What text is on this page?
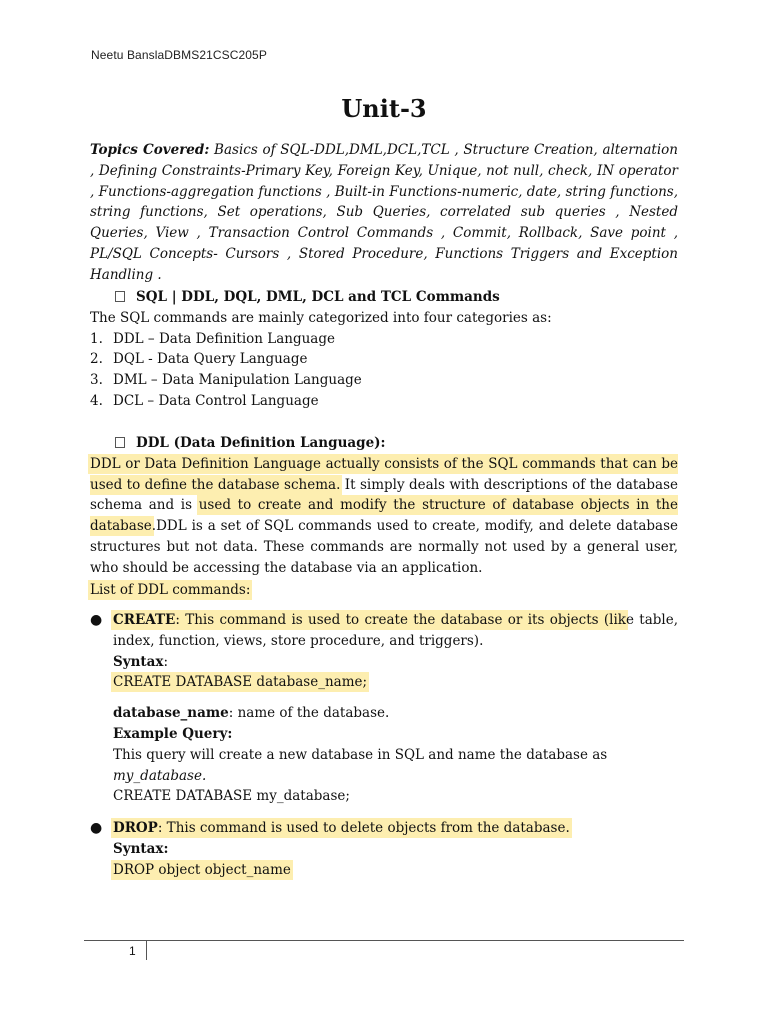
Neetu BanslaDBMS21CSC205P
Unit-3
Topics Covered: Basics of SQL-DDL,DML,DCL,TCL , Structure Creation, alternation , Defining Constraints-Primary Key, Foreign Key, Unique, not null, check, IN operator , Functions-aggregation functions , Built-in Functions-numeric, date, string functions, string functions, Set operations, Sub Queries, correlated sub queries , Nested Queries, View , Transaction Control Commands , Commit, Rollback, Save point , PL/SQL Concepts- Cursors , Stored Procedure, Functions Triggers and Exception Handling .
SQL | DDL, DQL, DML, DCL and TCL Commands
The SQL commands are mainly categorized into four categories as:
1. DDL – Data Definition Language
2. DQL - Data Query Language
3. DML – Data Manipulation Language
4. DCL – Data Control Language
DDL (Data Definition Language):
DDL or Data Definition Language actually consists of the SQL commands that can be used to define the database schema. It simply deals with descriptions of the database schema and is used to create and modify the structure of database objects in the database.DDL is a set of SQL commands used to create, modify, and delete database structures but not data. These commands are normally not used by a general user, who should be accessing the database via an application.
List of DDL commands:
● CREATE: This command is used to create the database or its objects (like table, index, function, views, store procedure, and triggers).
Syntax:
CREATE DATABASE database_name;
database_name: name of the database.
Example Query:
This query will create a new database in SQL and name the database as my_database.
CREATE DATABASE my_database;
● DROP: This command is used to delete objects from the database.
Syntax:
DROP object object_name
1
